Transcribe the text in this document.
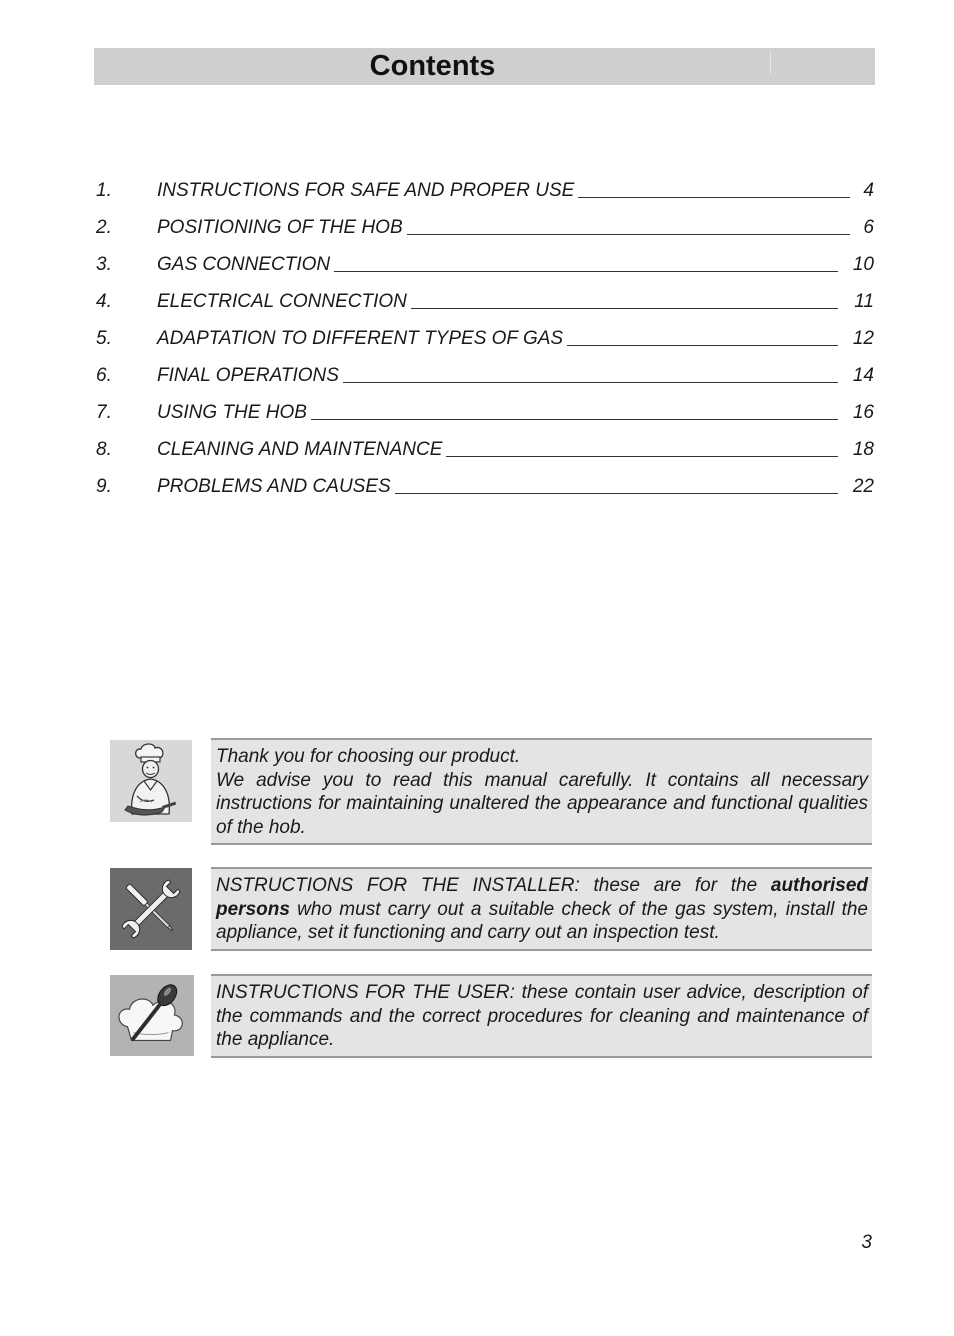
Contents
1. INSTRUCTIONS FOR SAFE AND PROPER USE	4
2. POSITIONING OF THE HOB	6
3. GAS CONNECTION	10
4. ELECTRICAL CONNECTION	11
5. ADAPTATION TO DIFFERENT TYPES OF GAS	12
6. FINAL OPERATIONS	14
7. USING THE HOB	16
8. CLEANING AND MAINTENANCE	18
9. PROBLEMS AND CAUSES	22
Thank you for choosing our product.
We advise you to read this manual carefully. It contains all necessary instructions for maintaining unaltered the appearance and functional qualities of the hob.
NSTRUCTIONS FOR THE INSTALLER: these are for the authorised persons who must carry out a suitable check of the gas system, install the appliance, set it functioning and carry out an inspection test.
INSTRUCTIONS FOR THE USER: these contain user advice, description of the commands and the correct procedures for cleaning and maintenance of the appliance.
3
